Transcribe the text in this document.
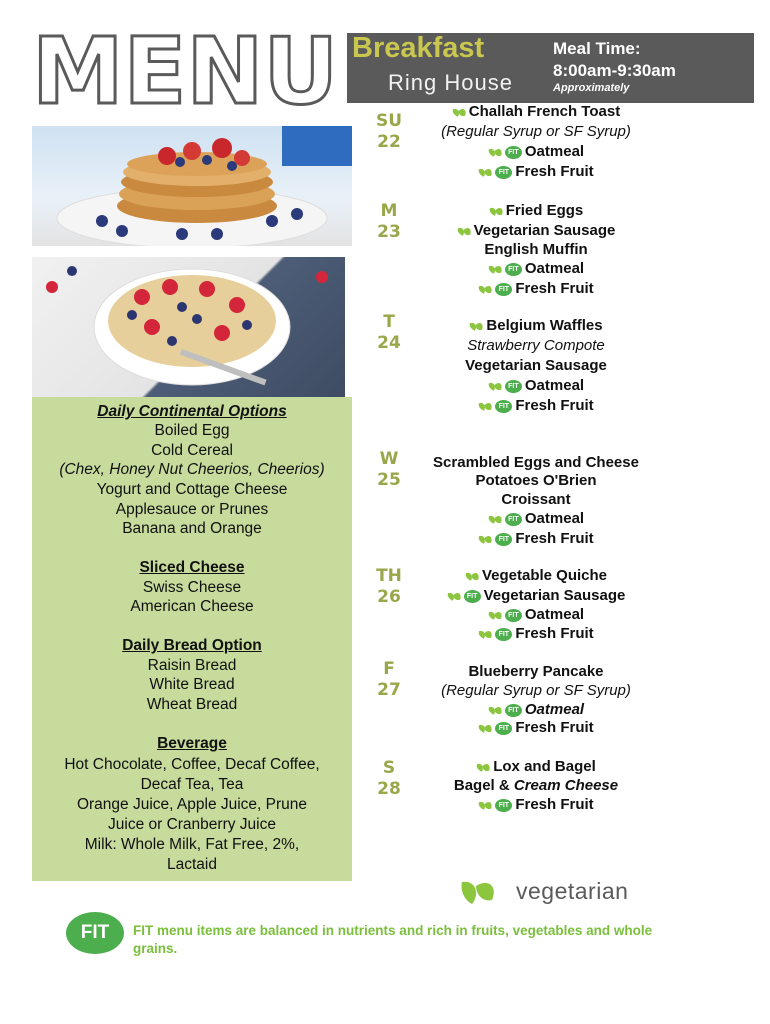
MENU Breakfast
Ring House
Meal Time:
8:00am-9:30am
Approximately
Daily Continental Options
Boiled Egg
Cold Cereal
(Chex, Honey Nut Cheerios, Cheerios)
Yogurt and Cottage Cheese
Applesauce or Prunes
Banana and Orange
Sliced Cheese
Swiss Cheese
American Cheese
Daily Bread Option
Raisin Bread
White Bread
Wheat Bread
Beverage
Hot Chocolate, Coffee, Decaf Coffee,
Decaf Tea, Tea
Orange Juice, Apple Juice, Prune
Juice or Cranberry Juice
Milk: Whole Milk, Fat Free, 2%,
Lactaid
SU
22
Challah French Toast
(Regular Syrup or SF Syrup)
FIT Oatmeal
FIT Fresh Fruit
M
23
Fried Eggs
Vegetarian Sausage
English Muffin
FIT Oatmeal
FIT Fresh Fruit
T
24
Belgium Waffles
Strawberry Compote
Vegetarian Sausage
FIT Oatmeal
FIT Fresh Fruit
W
25
Scrambled Eggs and Cheese
Potatoes O'Brien
Croissant
FIT Oatmeal
FIT Fresh Fruit
TH
26
Vegetable Quiche
FIT Vegetarian Sausage
FIT Oatmeal
FIT Fresh Fruit
F
27
Blueberry Pancake
(Regular Syrup or SF Syrup)
FIT Oatmeal
FIT Fresh Fruit
S
28
Lox and Bagel
Bagel & Cream Cheese
FIT Fresh Fruit
vegetarian
FIT	FIT menu items are balanced in nutrients and rich in fruits, vegetables and whole grains.
